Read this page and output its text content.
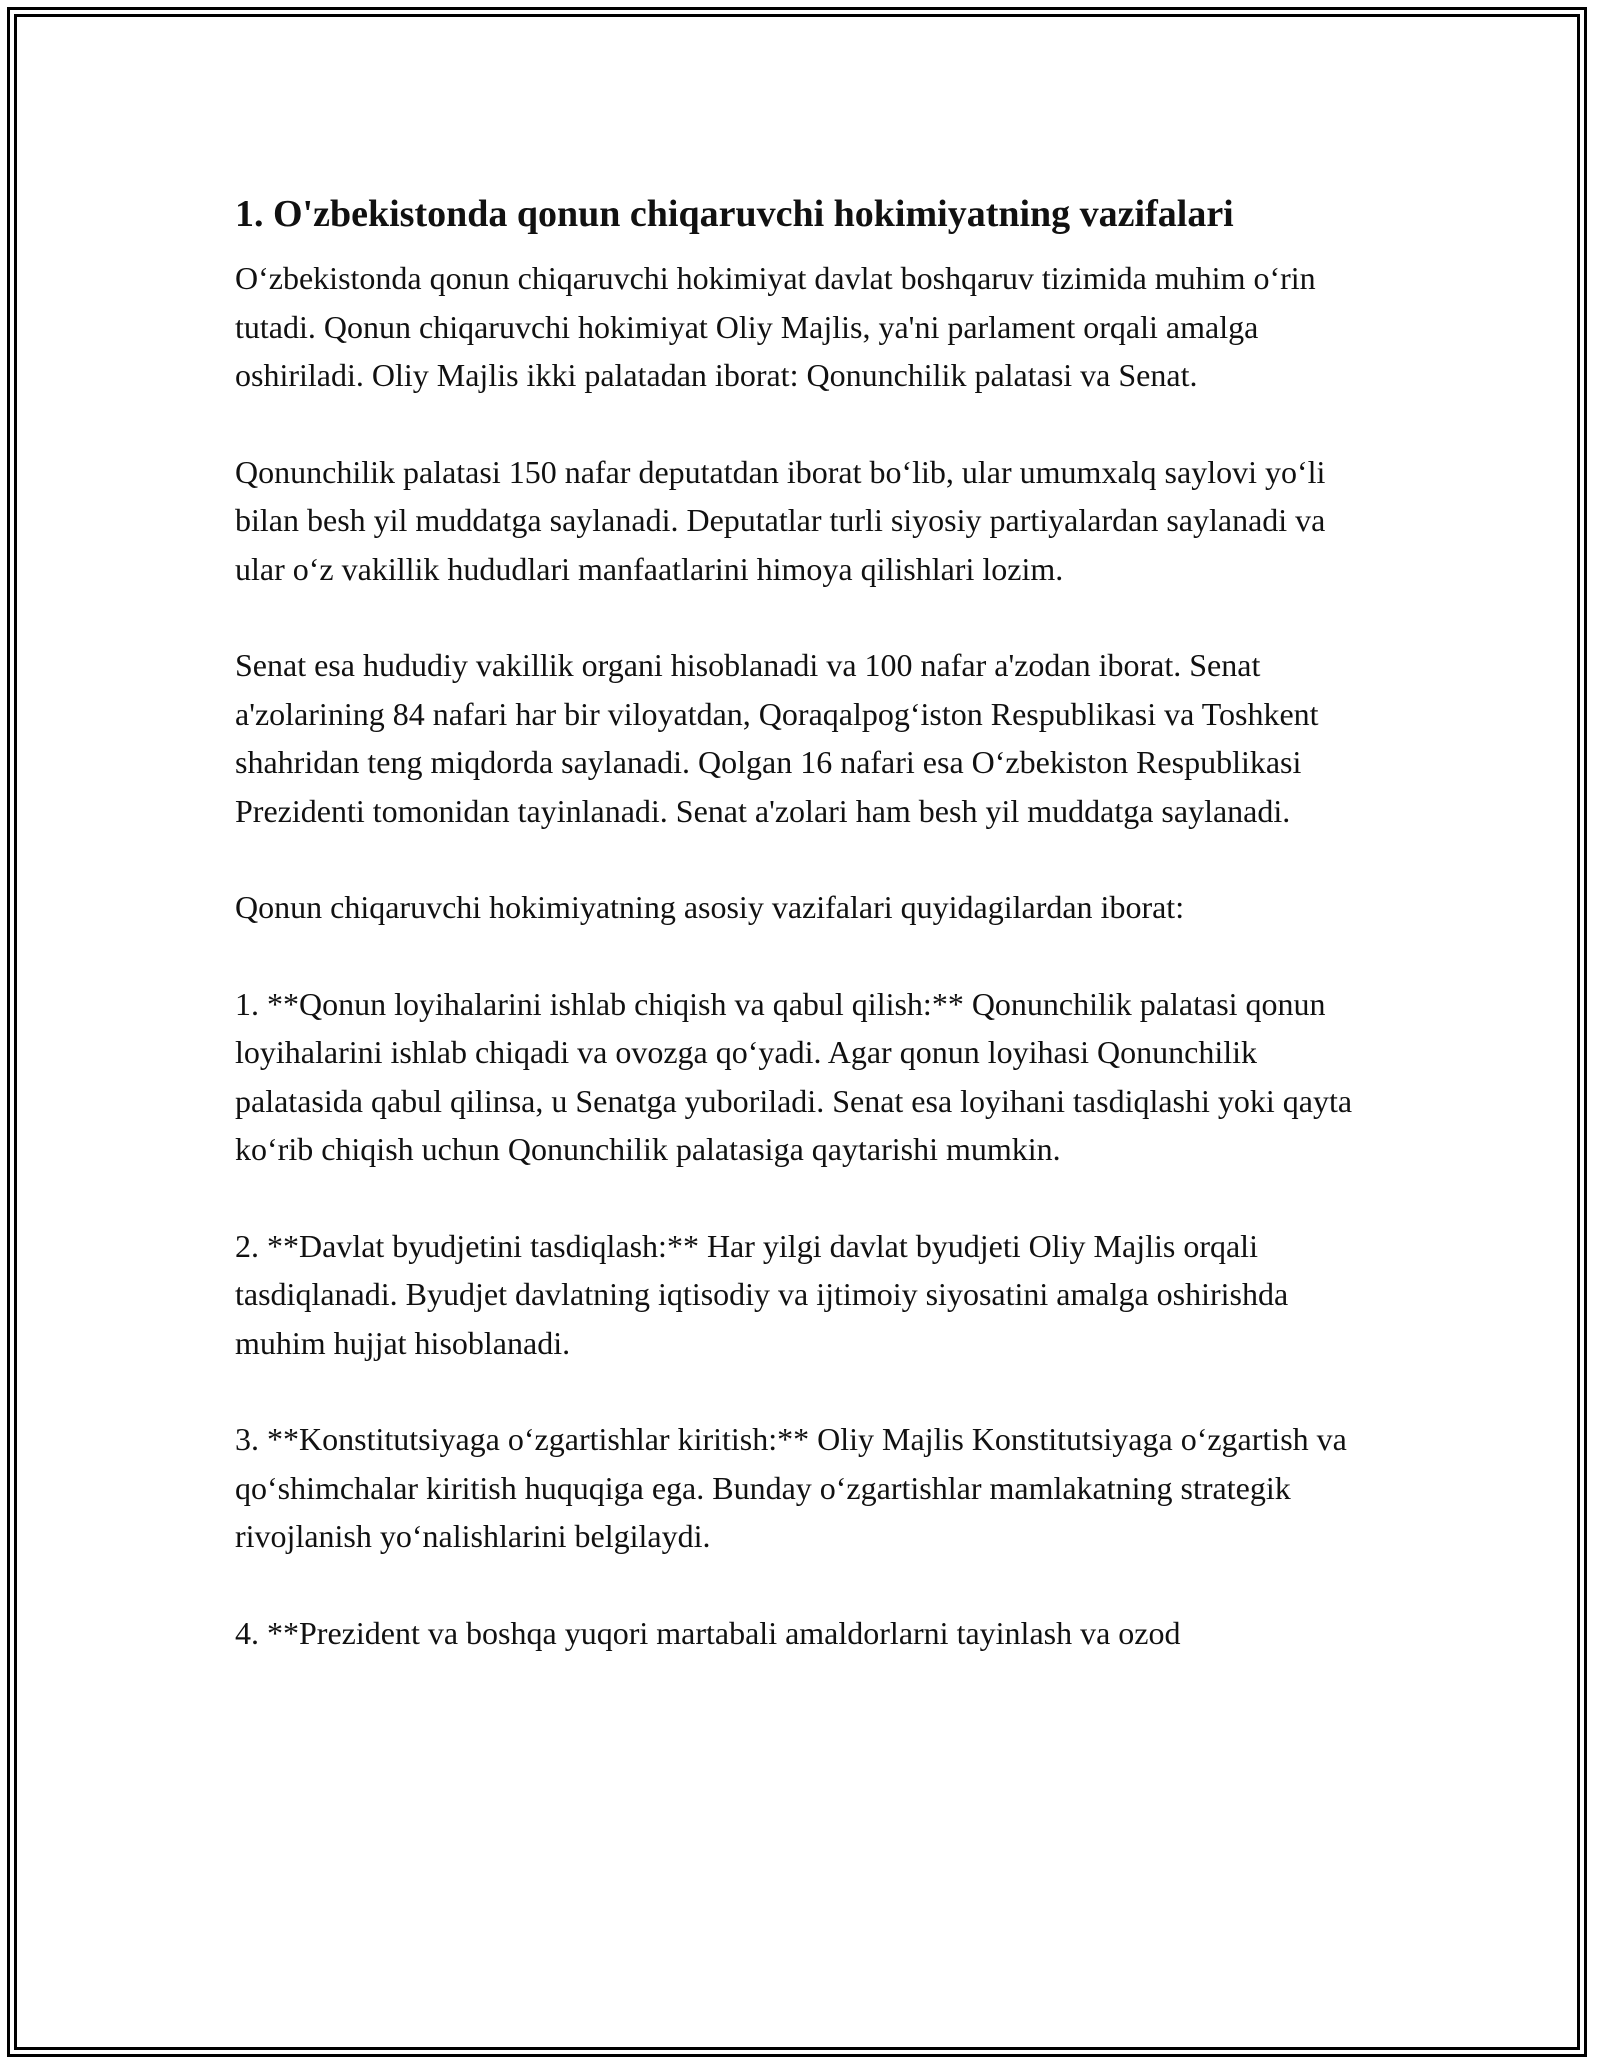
1. O'zbekistonda qonun chiqaruvchi hokimiyatning vazifalari

O‘zbekistonda qonun chiqaruvchi hokimiyat davlat boshqaruv tizimida muhim o‘rin tutadi. Qonun chiqaruvchi hokimiyat Oliy Majlis, ya'ni parlament orqali amalga oshiriladi. Oliy Majlis ikki palatadan iborat: Qonunchilik palatasi va Senat.

Qonunchilik palatasi 150 nafar deputatdan iborat bo‘lib, ular umumxalq saylovi yo‘li bilan besh yil muddatga saylanadi. Deputatlar turli siyosiy partiyalardan saylanadi va ular o‘z vakillik hududlari manfaatlarini himoya qilishlari lozim.

Senat esa hududiy vakillik organi hisoblanadi va 100 nafar a'zodan iborat. Senat a'zolarining 84 nafari har bir viloyatdan, Qoraqalpog‘iston Respublikasi va Toshkent shahridan teng miqdorda saylanadi. Qolgan 16 nafari esa O‘zbekiston Respublikasi Prezidenti tomonidan tayinlanadi. Senat a'zolari ham besh yil muddatga saylanadi.

Qonun chiqaruvchi hokimiyatning asosiy vazifalari quyidagilardan iborat:

1. **Qonun loyihalarini ishlab chiqish va qabul qilish:** Qonunchilik palatasi qonun loyihalarini ishlab chiqadi va ovozga qo‘yadi. Agar qonun loyihasi Qonunchilik palatasida qabul qilinsa, u Senatga yuboriladi. Senat esa loyihani tasdiqlashi yoki qayta ko‘rib chiqish uchun Qonunchilik palatasiga qaytarishi mumkin.

2. **Davlat byudjetini tasdiqlash:** Har yilgi davlat byudjeti Oliy Majlis orqali tasdiqlanadi. Byudjet davlatning iqtisodiy va ijtimoiy siyosatini amalga oshirishda muhim hujjat hisoblanadi.

3. **Konstitutsiyaga o‘zgartishlar kiritish:** Oliy Majlis Konstitutsiyaga o‘zgartish va qo‘shimchalar kiritish huquqiga ega. Bunday o‘zgartishlar mamlakatning strategik rivojlanish yo‘nalishlarini belgilaydi.

4. **Prezident va boshqa yuqori martabali amaldorlarni tayinlash va ozod
